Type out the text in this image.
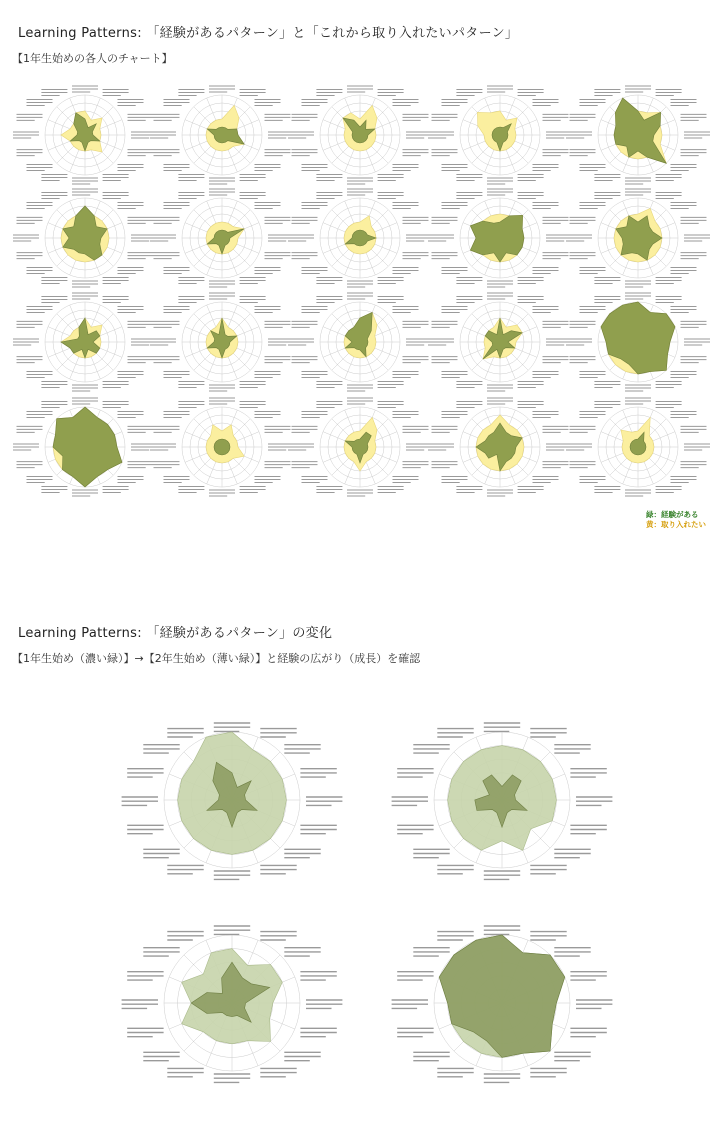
Learning Patterns: 「経験があるパターン」と「これから取り入れたいパターン」
【1年生始めの各人のチャート】
緑：経験がある
黄：取り入れたい
Learning Patterns: 「経験があるパターン」の変化
【1年生始め（濃い緑）】→【2年生始め（薄い緑）】と経験の広がり（成長）を確認
